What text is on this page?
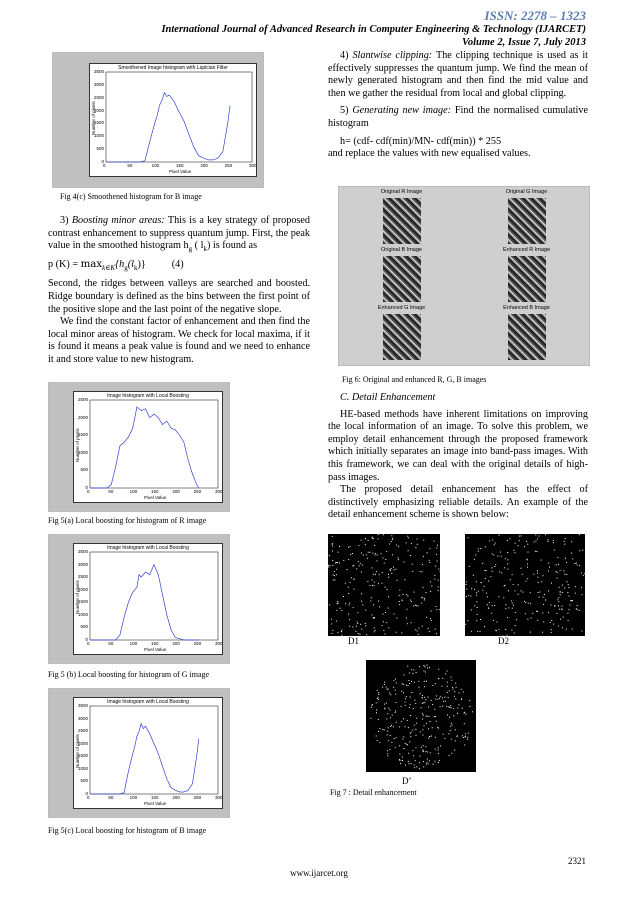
ISSN: 2278 – 1323
International Journal of Advanced Research in Computer Engineering & Technology (IJARCET)
Volume 2, Issue 7, July 2013
Smoothened Image histogram with Laplcian Filter
0
500
1000
1500
2000
2500
3000
3500
0	50	100	150	200	250	300
Pixel Value
Number of pixels
Fig 4(c) Smoothened histogram for B image
3) Boosting minor areas: This is a key strategy of proposed contrast enhancement to suppress quantum jump. First, the peak value in the smoothed histogram $h_g$ ( $l_k$) is found as
p $(K) = \max_{k\in K}\{h_g(l_k)\}$	(4)
Second, the ridges between valleys are searched and boosted. Ridge boundary is defined as the bins between the first point of the positive slope and the last point of the negative slope.
We find the constant factor of enhancement and then find the local minor areas of histogram. We check for local maxima, if it is found it means a peak value is found and we need to enhance it and store value to new histogram.
Image histogram with Local Boosting
0
500
1000
1500
2000
2500
0	50	100	150	200	250	300
Pixel Value
Number of pixels
Fig 5(a) Local boosting for histogram of R image
Image histogram with Local Boosting
0
500
1000
1500
2000
2500
3000
3500
0	50	100	150	200	250	300
Pixel Value
Number of pixels
Fig 5 (b) Local boosting for histogram of G image
Image histogram with Local Boosting
0
500
1000
1500
2000
2500
3000
3500
0	50	100	150	200	250	300
Pixel Value
Number of pixels
Fig 5(c) Local boosting for histogram of B image
4) Slantwise clipping: The clipping technique is used as it effectively suppresses the quantum jump. We find the mean of newly generated histogram and then find the mid value and then we gather the residual from local and global clipping.
5) Generating new image: Find the normalised cumulative histogram
h= (cdf- cdf(min)/MN- cdf(min)) * 255
and replace the values with new equalised values.
Original R Image	Original G Image
Original B Image	Enhanced R Image
Enhanced G Image	Enhanced B Image
Fig 6: Original and enhanced R, G, B images
C. Detail Enhancement
HE-based methods have inherent limitations on improving the local information of an image. To solve this problem, we employ detail enhancement through the proposed framework which initially separates an image into band-pass images. With this framework, we can deal with the original details of high-pass images.
The proposed detail enhancement has the effect of distinctively emphasizing reliable details. An example of the detail enhancement scheme is shown below:
D1	D2
D’
Fig 7 : Detail enhancement
2321
www.ijarcet.org
